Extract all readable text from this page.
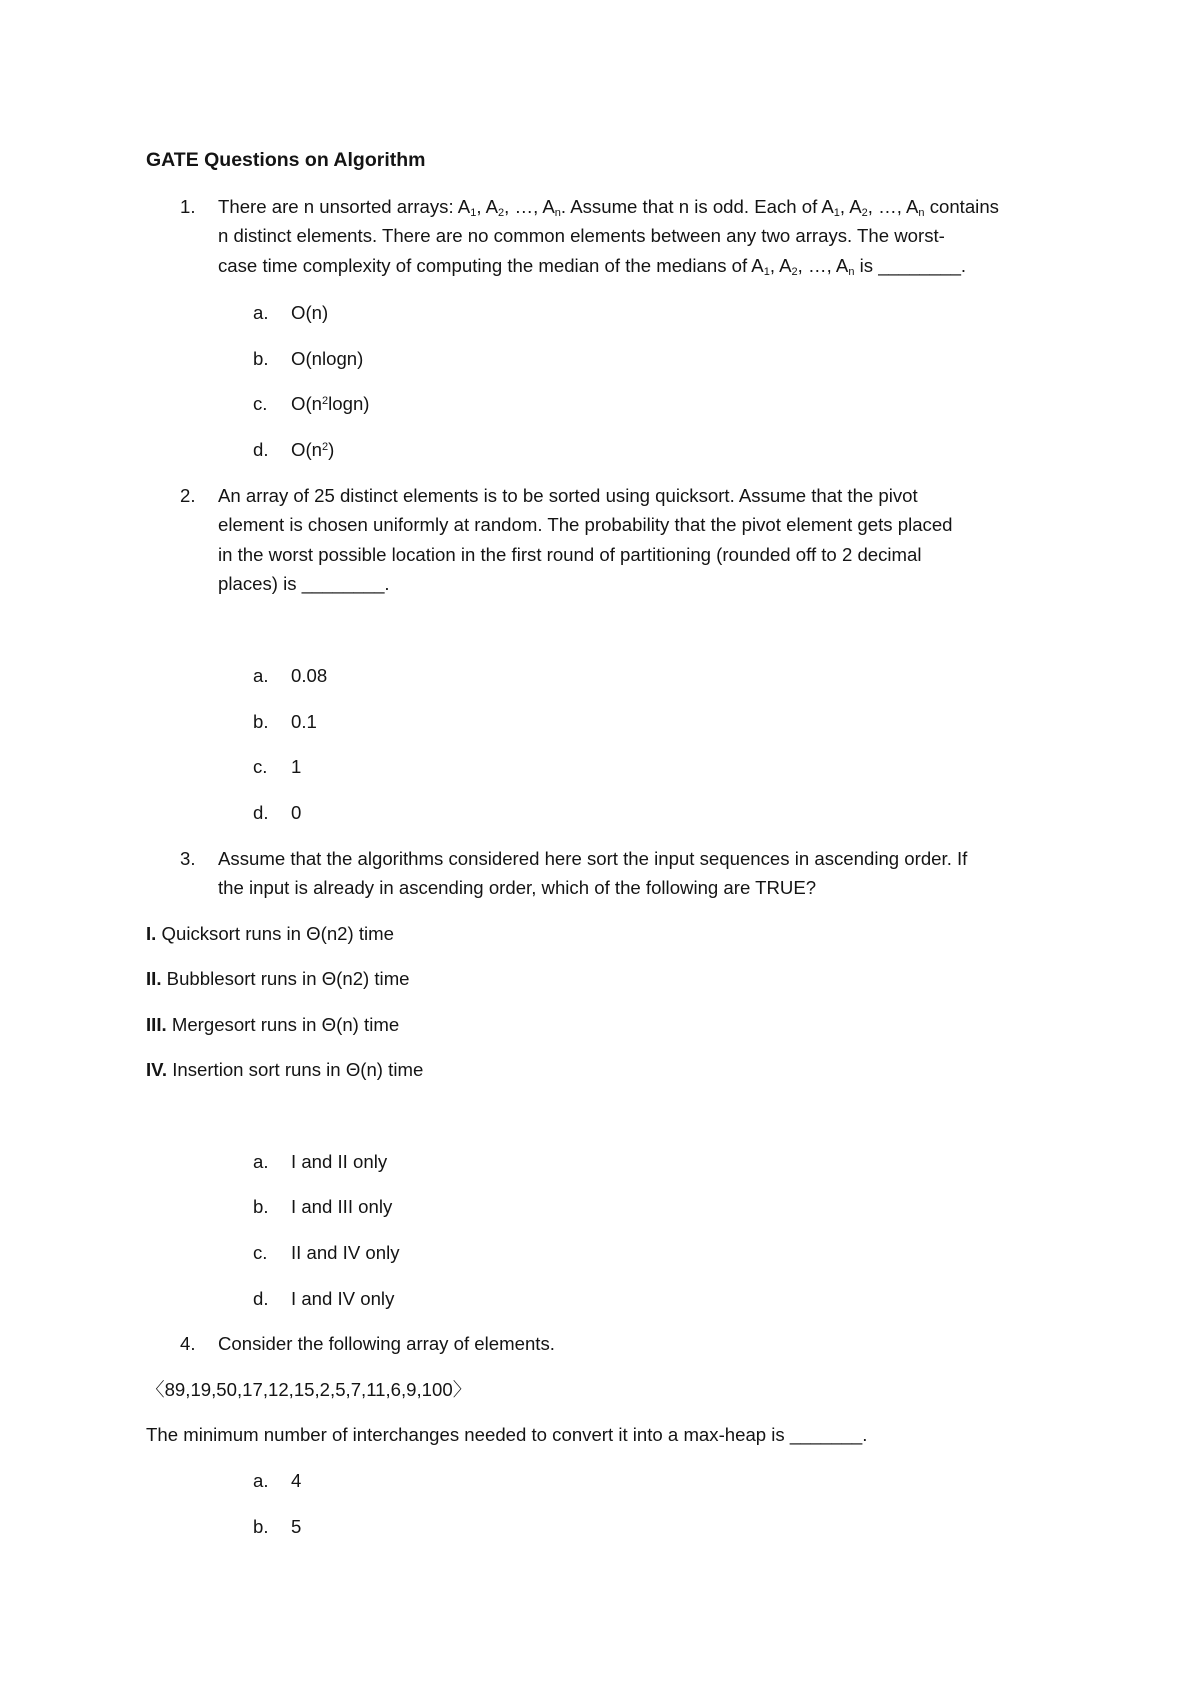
GATE Questions on Algorithm
1. There are n unsorted arrays: $A_1$, $A_2$, …, $A_n$. Assume that n is odd. Each of $A_1$, $A_2$, …, $A_n$ contains
n distinct elements. There are no common elements between any two arrays. The worst-
case time complexity of computing the median of the medians of $A_1$, $A_2$, …, $A_n$ is ________.
a. O(n)
b. O(nlogn)
c. $O(n^2\log n)$
d. $O(n^2)$
2. An array of 25 distinct elements is to be sorted using quicksort. Assume that the pivot
element is chosen uniformly at random. The probability that the pivot element gets placed
in the worst possible location in the first round of partitioning (rounded off to 2 decimal
places) is ________.
a. 0.08
b. 0.1
c. 1
d. 0
3. Assume that the algorithms considered here sort the input sequences in ascending order. If
the input is already in ascending order, which of the following are TRUE?
I. Quicksort runs in Θ(n2) time
II. Bubblesort runs in Θ(n2) time
III. Mergesort runs in Θ(n) time
IV. Insertion sort runs in Θ(n) time
a. I and II only
b. I and III only
c. II and IV only
d. I and IV only
4. Consider the following array of elements.
〈89,19,50,17,12,15,2,5,7,11,6,9,100〉
The minimum number of interchanges needed to convert it into a max-heap is _______.
a. 4
b. 5
